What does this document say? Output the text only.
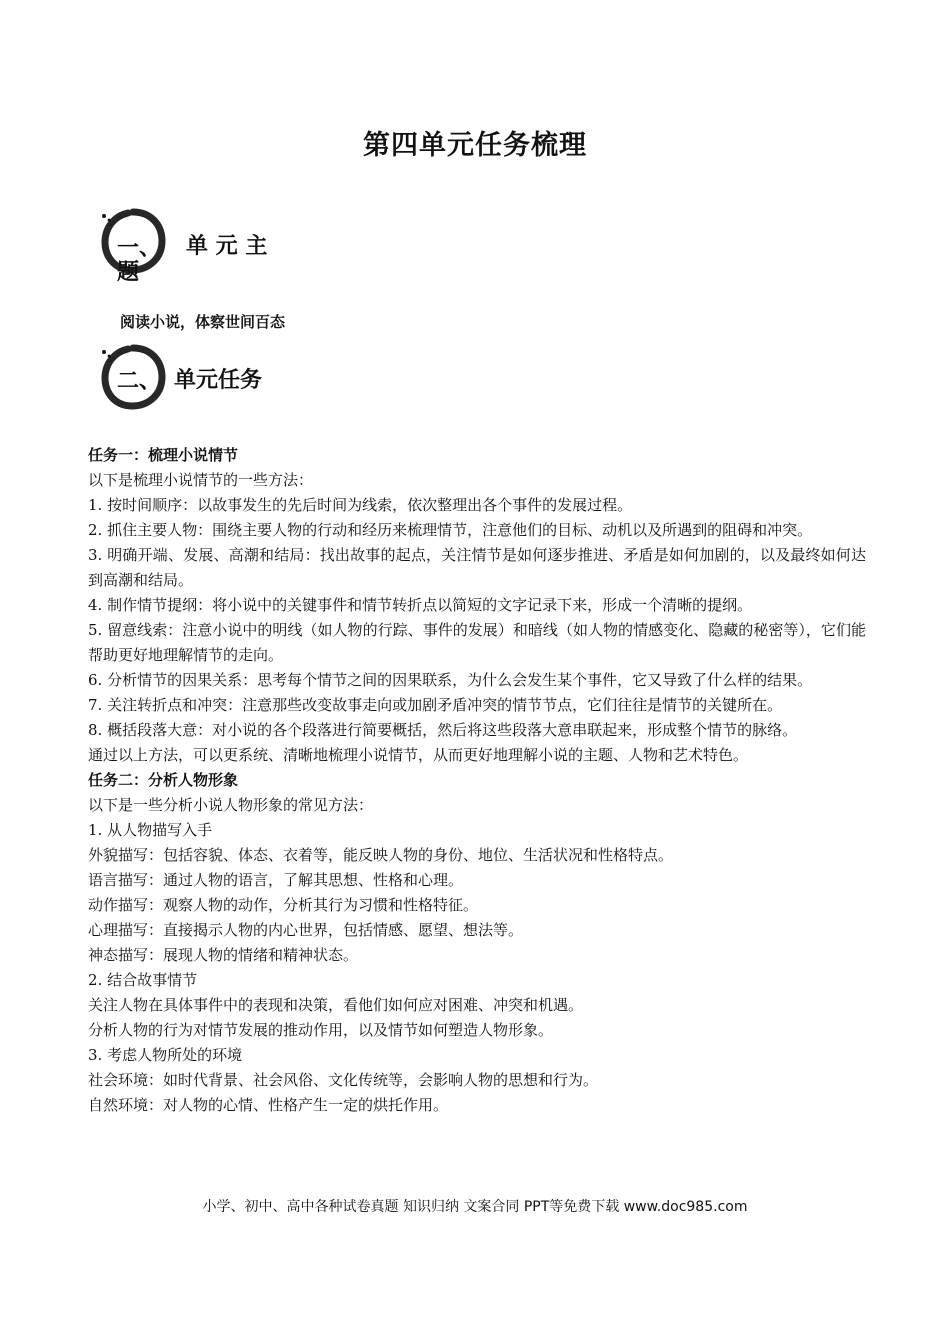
第四单元任务梳理
一、 单 元 主
题
阅读小说，体察世间百态
二、 单元任务

任务一：梳理小说情节

以下是梳理小说情节的一些方法：

1. 按时间顺序：以故事发生的先后时间为线索，依次整理出各个事件的发展过程。

2. 抓住主要人物：围绕主要人物的行动和经历来梳理情节，注意他们的目标、动机以及所遇到的阻碍和冲突。

3. 明确开端、发展、高潮和结局：找出故事的起点，关注情节是如何逐步推进、矛盾是如何加剧的，以及最终如何达到高潮和结局。

4. 制作情节提纲：将小说中的关键事件和情节转折点以简短的文字记录下来，形成一个清晰的提纲。

5. 留意线索：注意小说中的明线（如人物的行踪、事件的发展）和暗线（如人物的情感变化、隐藏的秘密等），它们能帮助更好地理解情节的走向。

6. 分析情节的因果关系：思考每个情节之间的因果联系，为什么会发生某个事件，它又导致了什么样的结果。

7. 关注转折点和冲突：注意那些改变故事走向或加剧矛盾冲突的情节节点，它们往往是情节的关键所在。

8. 概括段落大意：对小说的各个段落进行简要概括，然后将这些段落大意串联起来，形成整个情节的脉络。

通过以上方法，可以更系统、清晰地梳理小说情节，从而更好地理解小说的主题、人物和艺术特色。

任务二：分析人物形象

以下是一些分析小说人物形象的常见方法：

1. 从人物描写入手

外貌描写：包括容貌、体态、衣着等，能反映人物的身份、地位、生活状况和性格特点。

语言描写：通过人物的语言，了解其思想、性格和心理。

动作描写：观察人物的动作，分析其行为习惯和性格特征。

心理描写：直接揭示人物的内心世界，包括情感、愿望、想法等。

神态描写：展现人物的情绪和精神状态。

2. 结合故事情节

关注人物在具体事件中的表现和决策，看他们如何应对困难、冲突和机遇。

分析人物的行为对情节发展的推动作用，以及情节如何塑造人物形象。

3. 考虑人物所处的环境

社会环境：如时代背景、社会风俗、文化传统等，会影响人物的思想和行为。

自然环境：对人物的心情、性格产生一定的烘托作用。

小学、初中、高中各种试卷真题 知识归纳 文案合同 PPT等免费下载 www.doc985.com
